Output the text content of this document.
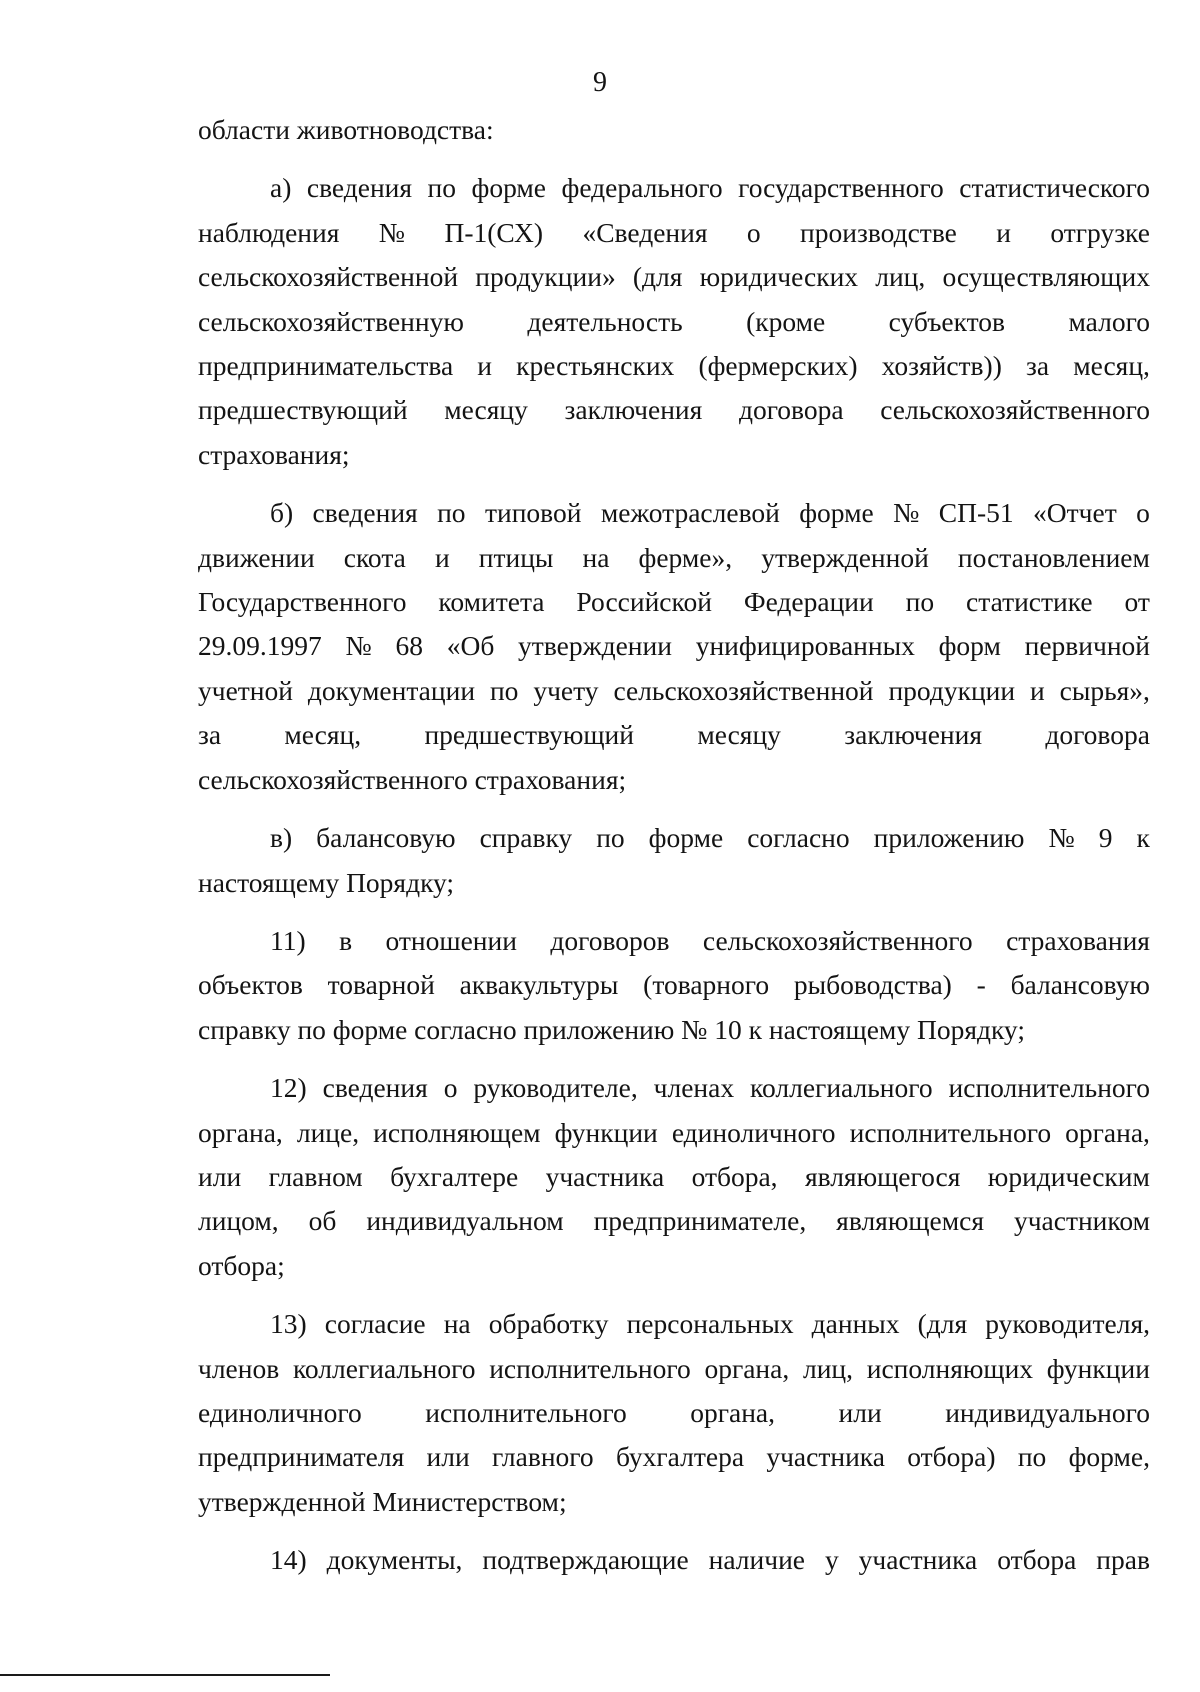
9

области животноводства:

а) сведения по форме федерального государственного статистического
наблюдения № П-1(СХ) «Сведения о производстве и отгрузке
сельскохозяйственной продукции» (для юридических лиц, осуществляющих
сельскохозяйственную деятельность (кроме субъектов малого
предпринимательства и крестьянских (фермерских) хозяйств)) за месяц,
предшествующий месяцу заключения договора сельскохозяйственного
страхования;

б) сведения по типовой межотраслевой форме № СП-51 «Отчет о
движении скота и птицы на ферме», утвержденной постановлением
Государственного комитета Российской Федерации по статистике от
29.09.1997 № 68 «Об утверждении унифицированных форм первичной
учетной документации по учету сельскохозяйственной продукции и сырья»,
за месяц, предшествующий месяцу заключения договора
сельскохозяйственного страхования;

в) балансовую справку по форме согласно приложению № 9 к
настоящему Порядку;

11) в отношении договоров сельскохозяйственного страхования
объектов товарной аквакультуры (товарного рыбоводства) - балансовую
справку по форме согласно приложению № 10 к настоящему Порядку;

12) сведения о руководителе, членах коллегиального исполнительного
органа, лице, исполняющем функции единоличного исполнительного органа,
или главном бухгалтере участника отбора, являющегося юридическим
лицом, об индивидуальном предпринимателе, являющемся участником
отбора;

13) согласие на обработку персональных данных (для руководителя,
членов коллегиального исполнительного органа, лиц, исполняющих функции
единоличного исполнительного органа, или индивидуального
предпринимателя или главного бухгалтера участника отбора) по форме,
утвержденной Министерством;

14) документы, подтверждающие наличие у участника отбора прав
